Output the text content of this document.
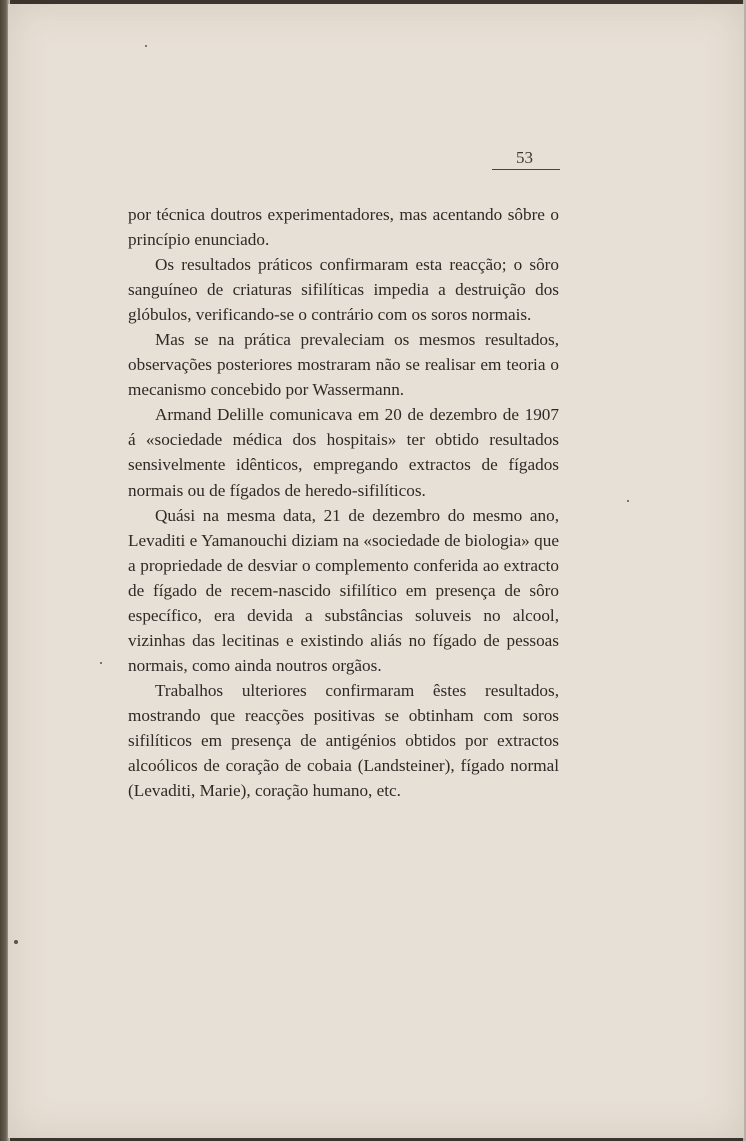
53

por técnica doutros experimentadores, mas acentando sôbre o princípio enunciado.

Os resultados práticos confirmaram esta reacção; o sôro sanguíneo de criaturas sifilíticas impedia a destruição dos glóbulos, verificando-se o contrário com os soros normais.

Mas se na prática prevaleciam os mesmos resultados, observações posteriores mostraram não se realisar em teoria o mecanismo concebido por Wassermann.

Armand Delille comunicava em 20 de dezembro de 1907 á «sociedade médica dos hospitais» ter obtido resultados sensivelmente idênticos, empregando extractos de fígados normais ou de fígados de heredo-sifilíticos.

Quási na mesma data, 21 de dezembro do mesmo ano, Levaditi e Yamanouchi diziam na «sociedade de biologia» que a propriedade de desviar o complemento conferida ao extracto de fígado de recem-nascido sifilítico em presença de sôro específico, era devida a substâncias soluveis no alcool, vizinhas das lecitinas e existindo aliás no fígado de pessoas normais, como ainda noutros orgãos.

Trabalhos ulteriores confirmaram êstes resultados, mostrando que reacções positivas se obtinham com soros sifilíticos em presença de antigénios obtidos por extractos alcoólicos de coração de cobaia (Landsteiner), fígado normal (Levaditi, Marie), coração humano, etc.
